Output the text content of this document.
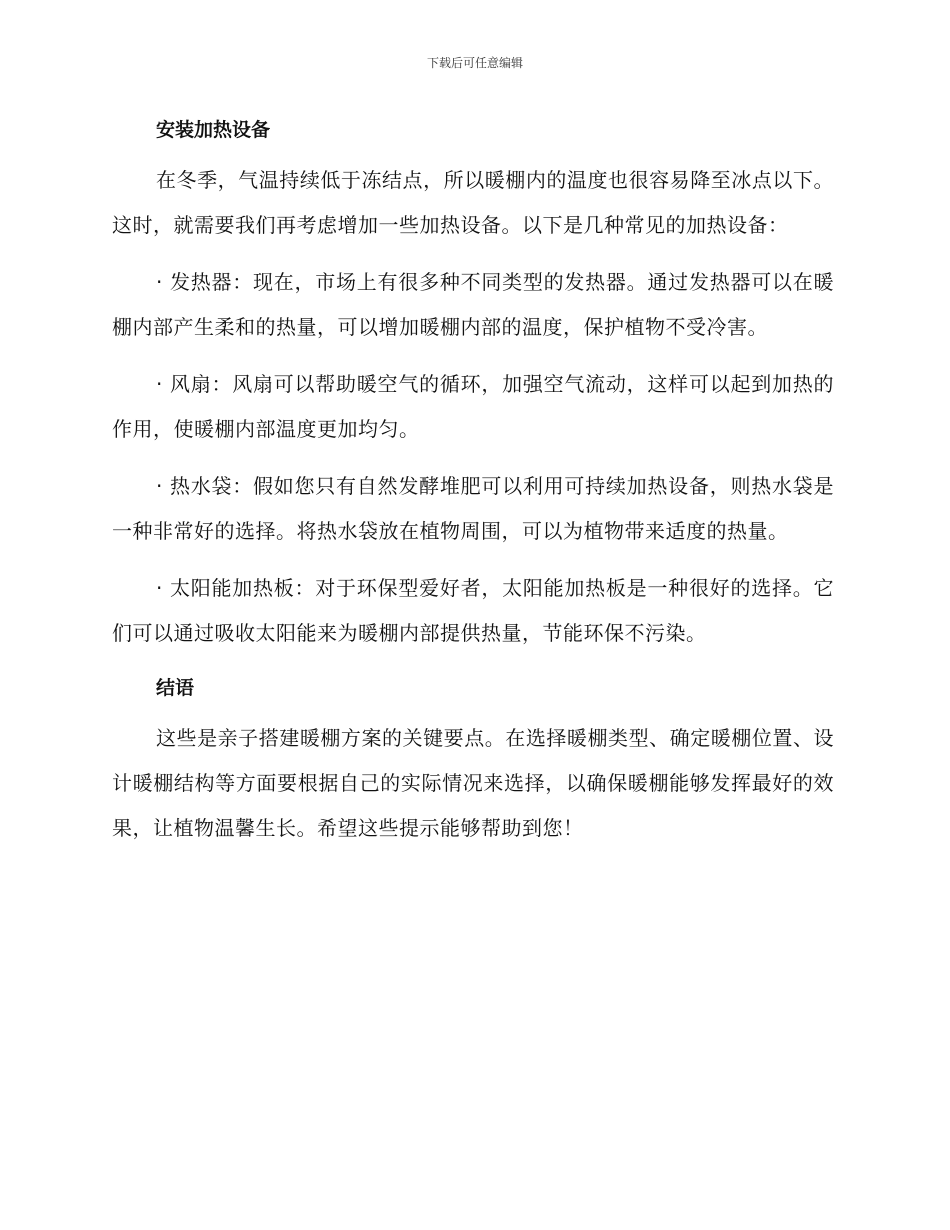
下载后可任意编辑
安装加热设备

在冬季，气温持续低于冻结点，所以暖棚内的温度也很容易降至冰点以下。这时，就需要我们再考虑增加一些加热设备。以下是几种常见的加热设备：

· 发热器：现在，市场上有很多种不同类型的发热器。通过发热器可以在暖棚内部产生柔和的热量，可以增加暖棚内部的温度，保护植物不受冷害。

· 风扇：风扇可以帮助暖空气的循环，加强空气流动，这样可以起到加热的作用，使暖棚内部温度更加均匀。

· 热水袋：假如您只有自然发酵堆肥可以利用可持续加热设备，则热水袋是一种非常好的选择。将热水袋放在植物周围，可以为植物带来适度的热量。

· 太阳能加热板：对于环保型爱好者，太阳能加热板是一种很好的选择。它们可以通过吸收太阳能来为暖棚内部提供热量，节能环保不污染。

结语

这些是亲子搭建暖棚方案的关键要点。在选择暖棚类型、确定暖棚位置、设计暖棚结构等方面要根据自己的实际情况来选择，以确保暖棚能够发挥最好的效果，让植物温馨生长。希望这些提示能够帮助到您！
